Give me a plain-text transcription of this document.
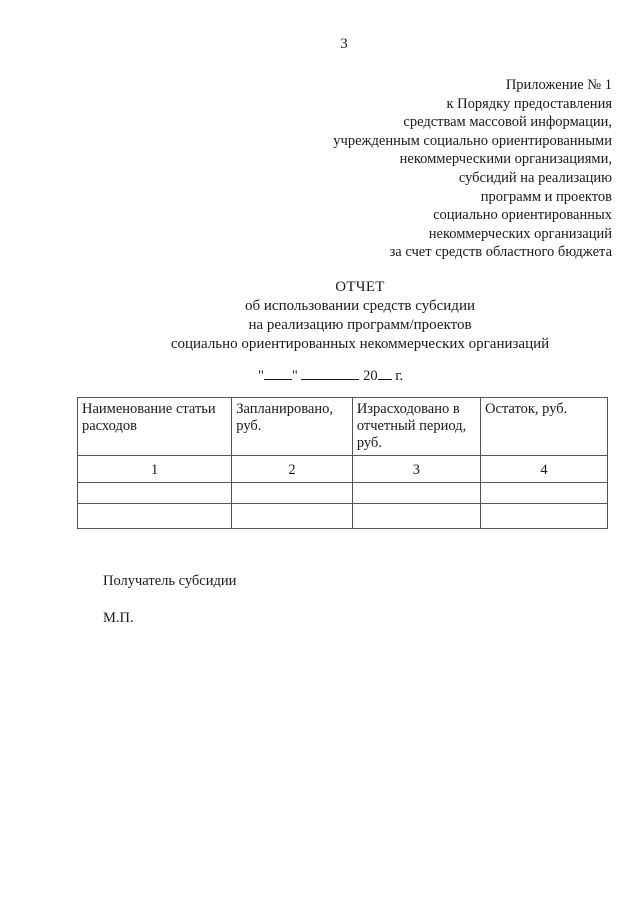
3
Приложение № 1
к Порядку предоставления
средствам массовой информации,
учрежденным социально ориентированными
некоммерческими организациями,
субсидий на реализацию
программ и проектов
социально ориентированных
некоммерческих организаций
за счет средств областного бюджета
ОТЧЕТ
об использовании средств субсидии
на реализацию программ/проектов
социально ориентированных некоммерческих организаций
" "	20 г.
Наименование статьи расходов	Запланировано, руб.	Израсходовано в отчетный период, руб.	Остаток, руб.
1	2	3	4

Получатель субсидии
М.П.
